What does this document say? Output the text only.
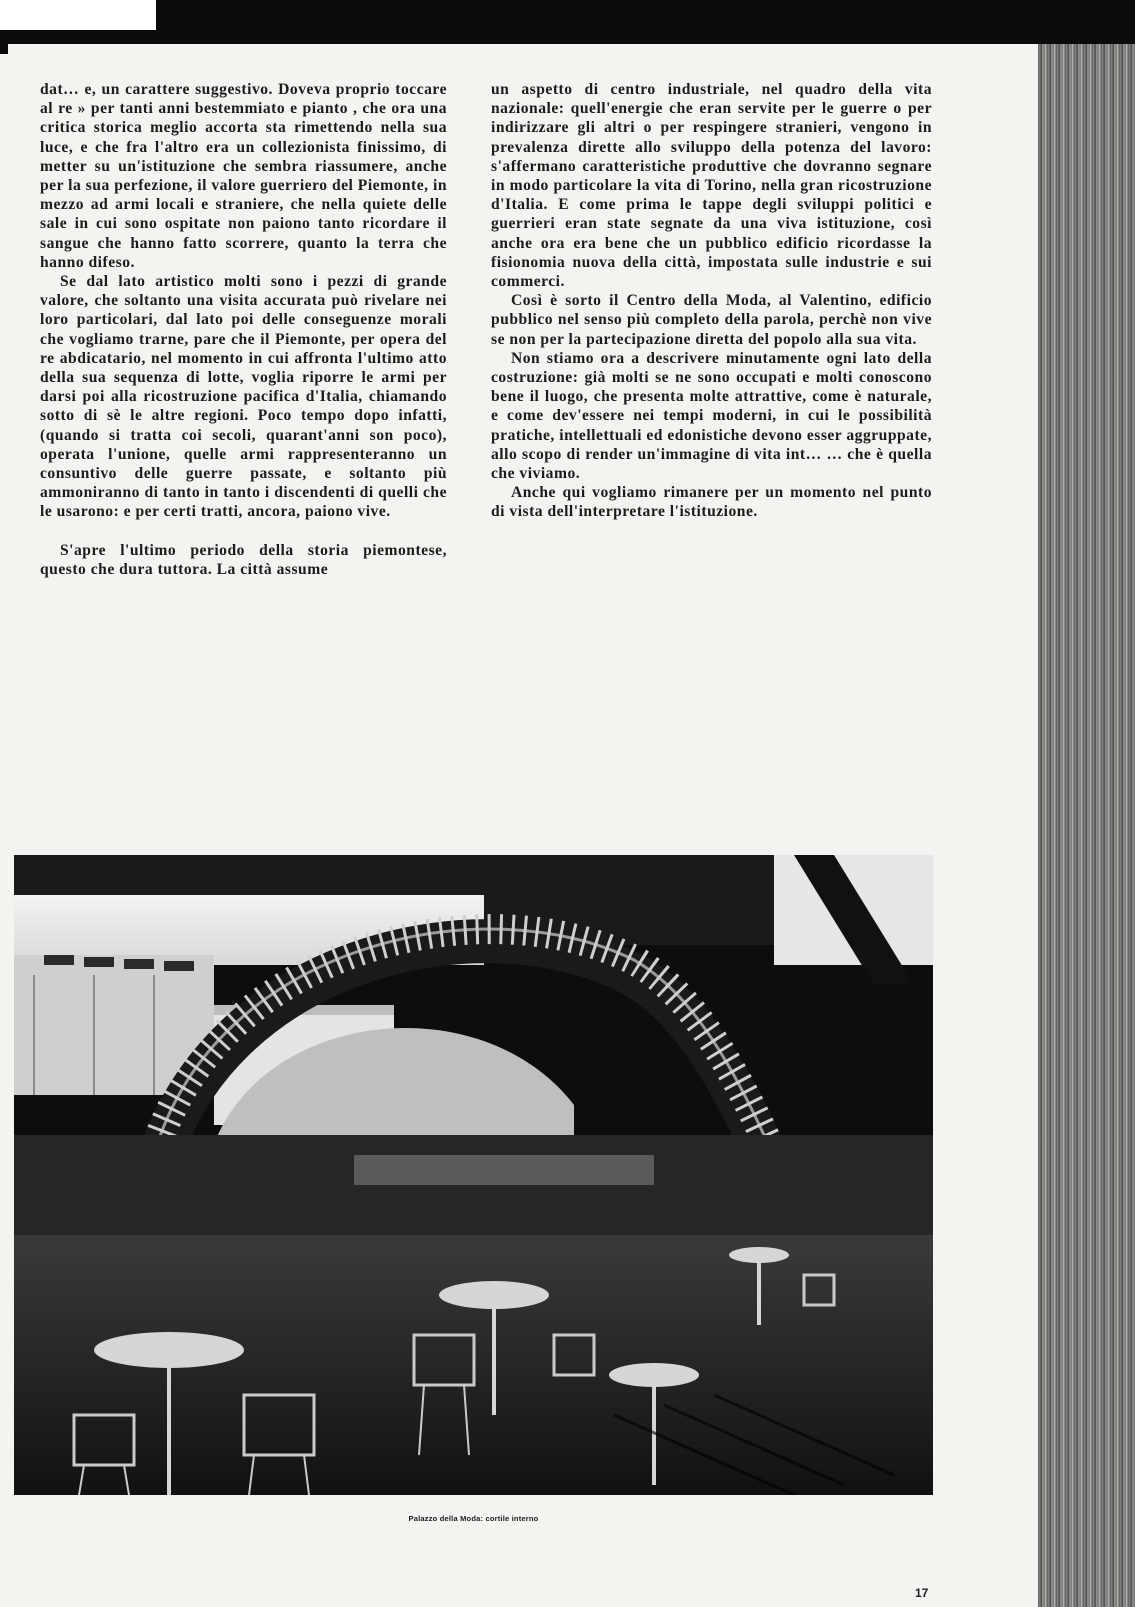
dat… e, un carattere suggestivo. Doveva proprio toccare al re » per tanti anni bestemmiato e pianto , che ora una critica storica meglio accorta sta rimettendo nella sua luce, e che fra l'altro era un collezionista finissimo, di metter su un'istituzione che sembra riassumere, anche per la sua perfezione, il valore guerriero del Piemonte, in mezzo ad armi locali e straniere, che nella quiete delle sale in cui sono ospitate non paiono tanto ricordare il sangue che hanno fatto scorrere, quanto la terra che hanno difeso.

Se dal lato artistico molti sono i pezzi di grande valore, che soltanto una visita accurata può rivelare nei loro particolari, dal lato poi delle conseguenze morali che vogliamo trarne, pare che il Piemonte, per opera del re abdicatario, nel momento in cui affronta l'ultimo atto della sua sequenza di lotte, voglia riporre le armi per darsi poi alla ricostruzione pacifica d'Italia, chiamando sotto di sè le altre regioni. Poco tempo dopo infatti, (quando si tratta coi secoli, quarant'anni son poco), operata l'unione, quelle armi rappresenteranno un consuntivo delle guerre passate, e soltanto più ammoniranno di tanto in tanto i discendenti di quelli che le usarono: e per certi tratti, ancora, paiono vive.

S'apre l'ultimo periodo della storia piemontese, questo che dura tuttora. La città assume

un aspetto di centro industriale, nel quadro della vita nazionale: quell'energie che eran servite per le guerre o per indirizzare gli altri o per respingere stranieri, vengono in prevalenza dirette allo sviluppo della potenza del lavoro: s'affermano caratteristiche produttive che dovranno segnare in modo particolare la vita di Torino, nella gran ricostruzione d'Italia. E come prima le tappe degli sviluppi politici e guerrieri eran state segnate da una viva istituzione, così anche ora era bene che un pubblico edificio ricordasse la fisionomia nuova della città, impostata sulle industrie e sui commerci.

Così è sorto il Centro della Moda, al Valentino, edificio pubblico nel senso più completo della parola, perchè non vive se non per la partecipazione diretta del popolo alla sua vita.

Non stiamo ora a descrivere minutamente ogni lato della costruzione: già molti se ne sono occupati e molti conoscono bene il luogo, che presenta molte attrattive, come è naturale, e come dev'essere nei tempi moderni, in cui le possibilità pratiche, intellettuali ed edonistiche devono esser aggruppate, allo scopo di render un'immagine di vita int… … che è quella che viviamo.

Anche qui vogliamo rimanere per un momento nel punto di vista dell'interpretare l'istituzione.

Palazzo della Moda: cortile interno
17
